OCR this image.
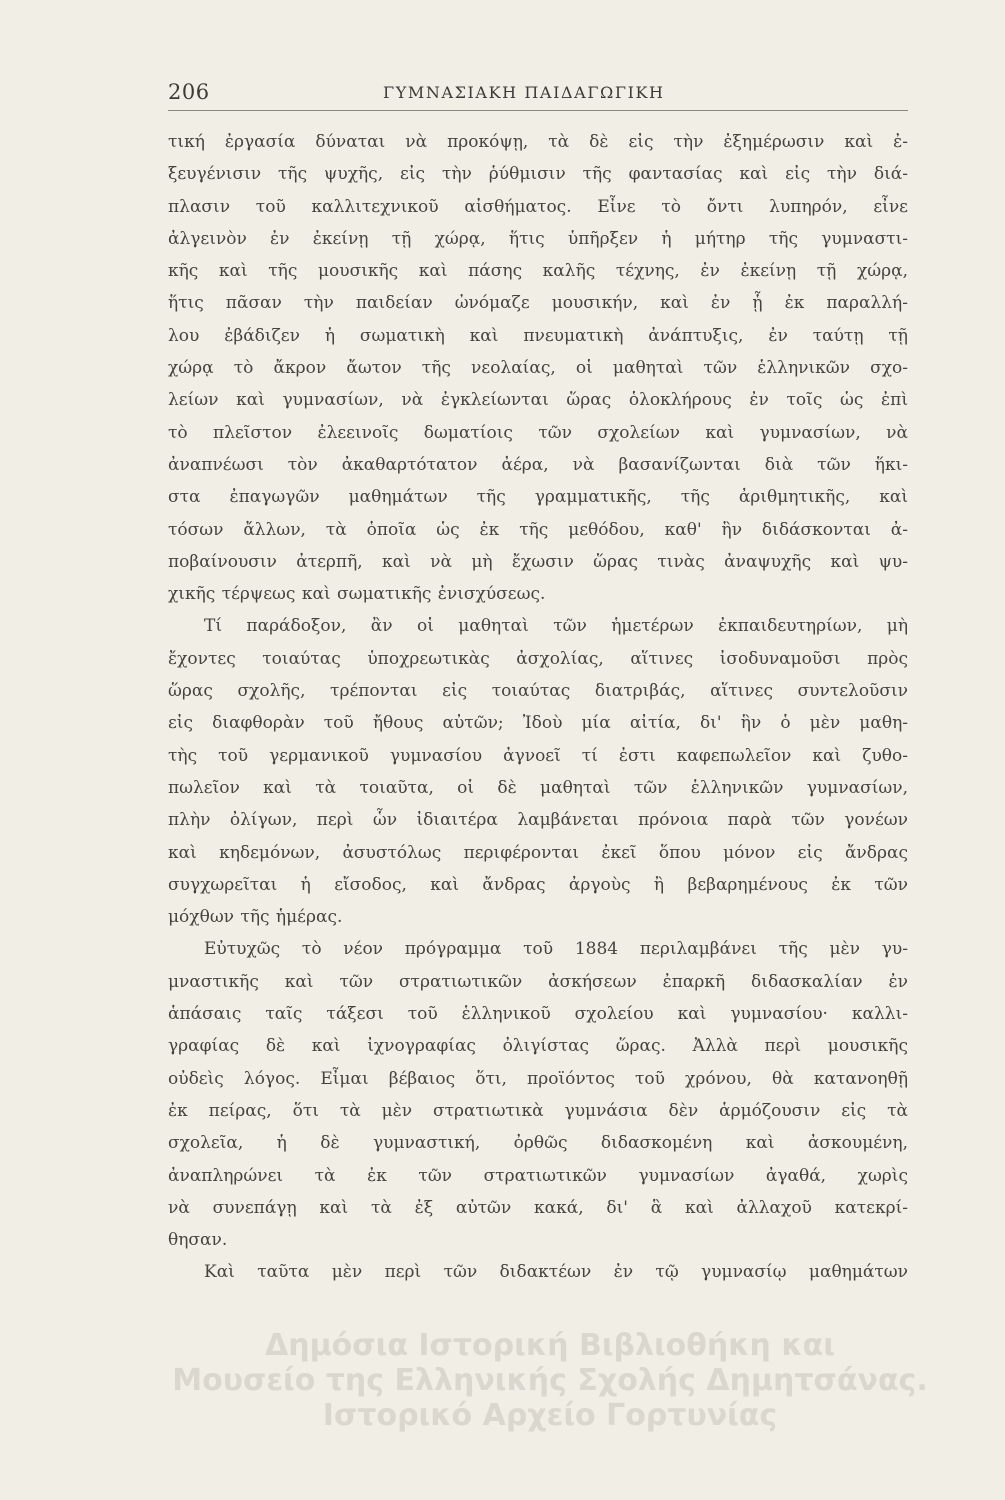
206	ΓΥΜΝΑΣΙΑΚΗ ΠΑΙΔΑΓΩΓΙΚΗ
τική ἐργασία δύναται νὰ προκόψῃ, τὰ δὲ εἰς τὴν ἐξημέρωσιν καὶ ἐ-
ξευγένισιν τῆς ψυχῆς, εἰς τὴν ῥύθμισιν τῆς φαντασίας καὶ εἰς τὴν διά-
πλασιν τοῦ καλλιτεχνικοῦ αἰσθήματος. Εἶνε τὸ ὄντι λυπηρόν, εἶνε
ἀλγεινὸν ἐν ἐκείνῃ τῇ χώρᾳ, ἥτις ὑπῆρξεν ἡ μήτηρ τῆς γυμναστι-
κῆς καὶ τῆς μουσικῆς καὶ πάσης καλῆς τέχνης, ἐν ἐκείνῃ τῇ χώρᾳ,
ἥτις πᾶσαν τὴν παιδείαν ὠνόμαζε μουσικήν, καὶ ἐν ᾗ ἐκ παραλλή-
λου ἐβάδιζεν ἡ σωματικὴ καὶ πνευματικὴ ἀνάπτυξις, ἐν ταύτῃ τῇ
χώρᾳ τὸ ἄκρον ἄωτον τῆς νεολαίας, οἱ μαθηταὶ τῶν ἑλληνικῶν σχο-
λείων καὶ γυμνασίων, νὰ ἐγκλείωνται ὥρας ὁλοκλήρους ἐν τοῖς ὡς ἐπὶ
τὸ πλεῖστον ἐλεεινοῖς δωματίοις τῶν σχολείων καὶ γυμνασίων, νὰ
ἀναπνέωσι τὸν ἀκαθαρτότατον ἀέρα, νὰ βασανίζωνται διὰ τῶν ἥκι-
στα ἐπαγωγῶν μαθημάτων τῆς γραμματικῆς, τῆς ἀριθμητικῆς, καὶ
τόσων ἄλλων, τὰ ὁποῖα ὡς ἐκ τῆς μεθόδου, καθ' ἣν διδάσκονται ἀ-
ποβαίνουσιν ἀτερπῆ, καὶ νὰ μὴ ἔχωσιν ὥρας τινὰς ἀναψυχῆς καὶ ψυ-
χικῆς τέρψεως καὶ σωματικῆς ἐνισχύσεως.
Τί παράδοξον, ἂν οἱ μαθηταὶ τῶν ἡμετέρων ἐκπαιδευτηρίων, μὴ
ἔχοντες τοιαύτας ὑποχρεωτικὰς ἀσχολίας, αἵτινες ἰσοδυναμοῦσι πρὸς
ὥρας σχολῆς, τρέπονται εἰς τοιαύτας διατριβάς, αἵτινες συντελοῦσιν
εἰς διαφθορὰν τοῦ ἤθους αὐτῶν; Ἰδοὺ μία αἰτία, δι' ἣν ὁ μὲν μαθη-
τὴς τοῦ γερμανικοῦ γυμνασίου ἀγνοεῖ τί ἐστι καφεπωλεῖον καὶ ζυθο-
πωλεῖον καὶ τὰ τοιαῦτα, οἱ δὲ μαθηταὶ τῶν ἑλληνικῶν γυμνασίων,
πλὴν ὀλίγων, περὶ ὧν ἰδιαιτέρα λαμβάνεται πρόνοια παρὰ τῶν γονέων
καὶ κηδεμόνων, ἀσυστόλως περιφέρονται ἐκεῖ ὅπου μόνον εἰς ἄνδρας
συγχωρεῖται ἡ εἴσοδος, καὶ ἄνδρας ἀργοὺς ἢ βεβαρημένους ἐκ τῶν
μόχθων τῆς ἡμέρας.
Εὐτυχῶς τὸ νέον πρόγραμμα τοῦ 1884 περιλαμβάνει τῆς μὲν γυ-
μναστικῆς καὶ τῶν στρατιωτικῶν ἀσκήσεων ἐπαρκῆ διδασκαλίαν ἐν
ἁπάσαις ταῖς τάξεσι τοῦ ἑλληνικοῦ σχολείου καὶ γυμνασίου· καλλι-
γραφίας δὲ καὶ ἰχνογραφίας ὀλιγίστας ὥρας. Ἀλλὰ περὶ μουσικῆς
οὐδεὶς λόγος. Εἶμαι βέβαιος ὅτι, προϊόντος τοῦ χρόνου, θὰ κατανοηθῇ
ἐκ πείρας, ὅτι τὰ μὲν στρατιωτικὰ γυμνάσια δὲν ἁρμόζουσιν εἰς τὰ
σχολεῖα, ἡ δὲ γυμναστική, ὀρθῶς διδασκομένη καὶ ἀσκουμένη,
ἀναπληρώνει τὰ ἐκ τῶν στρατιωτικῶν γυμνασίων ἀγαθά, χωρὶς
νὰ συνεπάγῃ καὶ τὰ ἐξ αὐτῶν κακά, δι' ἃ καὶ ἀλλαχοῦ κατεκρί-
θησαν.
Καὶ ταῦτα μὲν περὶ τῶν διδακτέων ἐν τῷ γυμνασίῳ μαθημάτων
Δημόσια Ιστορική Βιβλιοθήκη και
Μουσείο της Ελληνικής Σχολής Δημητσάνας.
Ιστορικό Αρχείο Γορτυνίας
